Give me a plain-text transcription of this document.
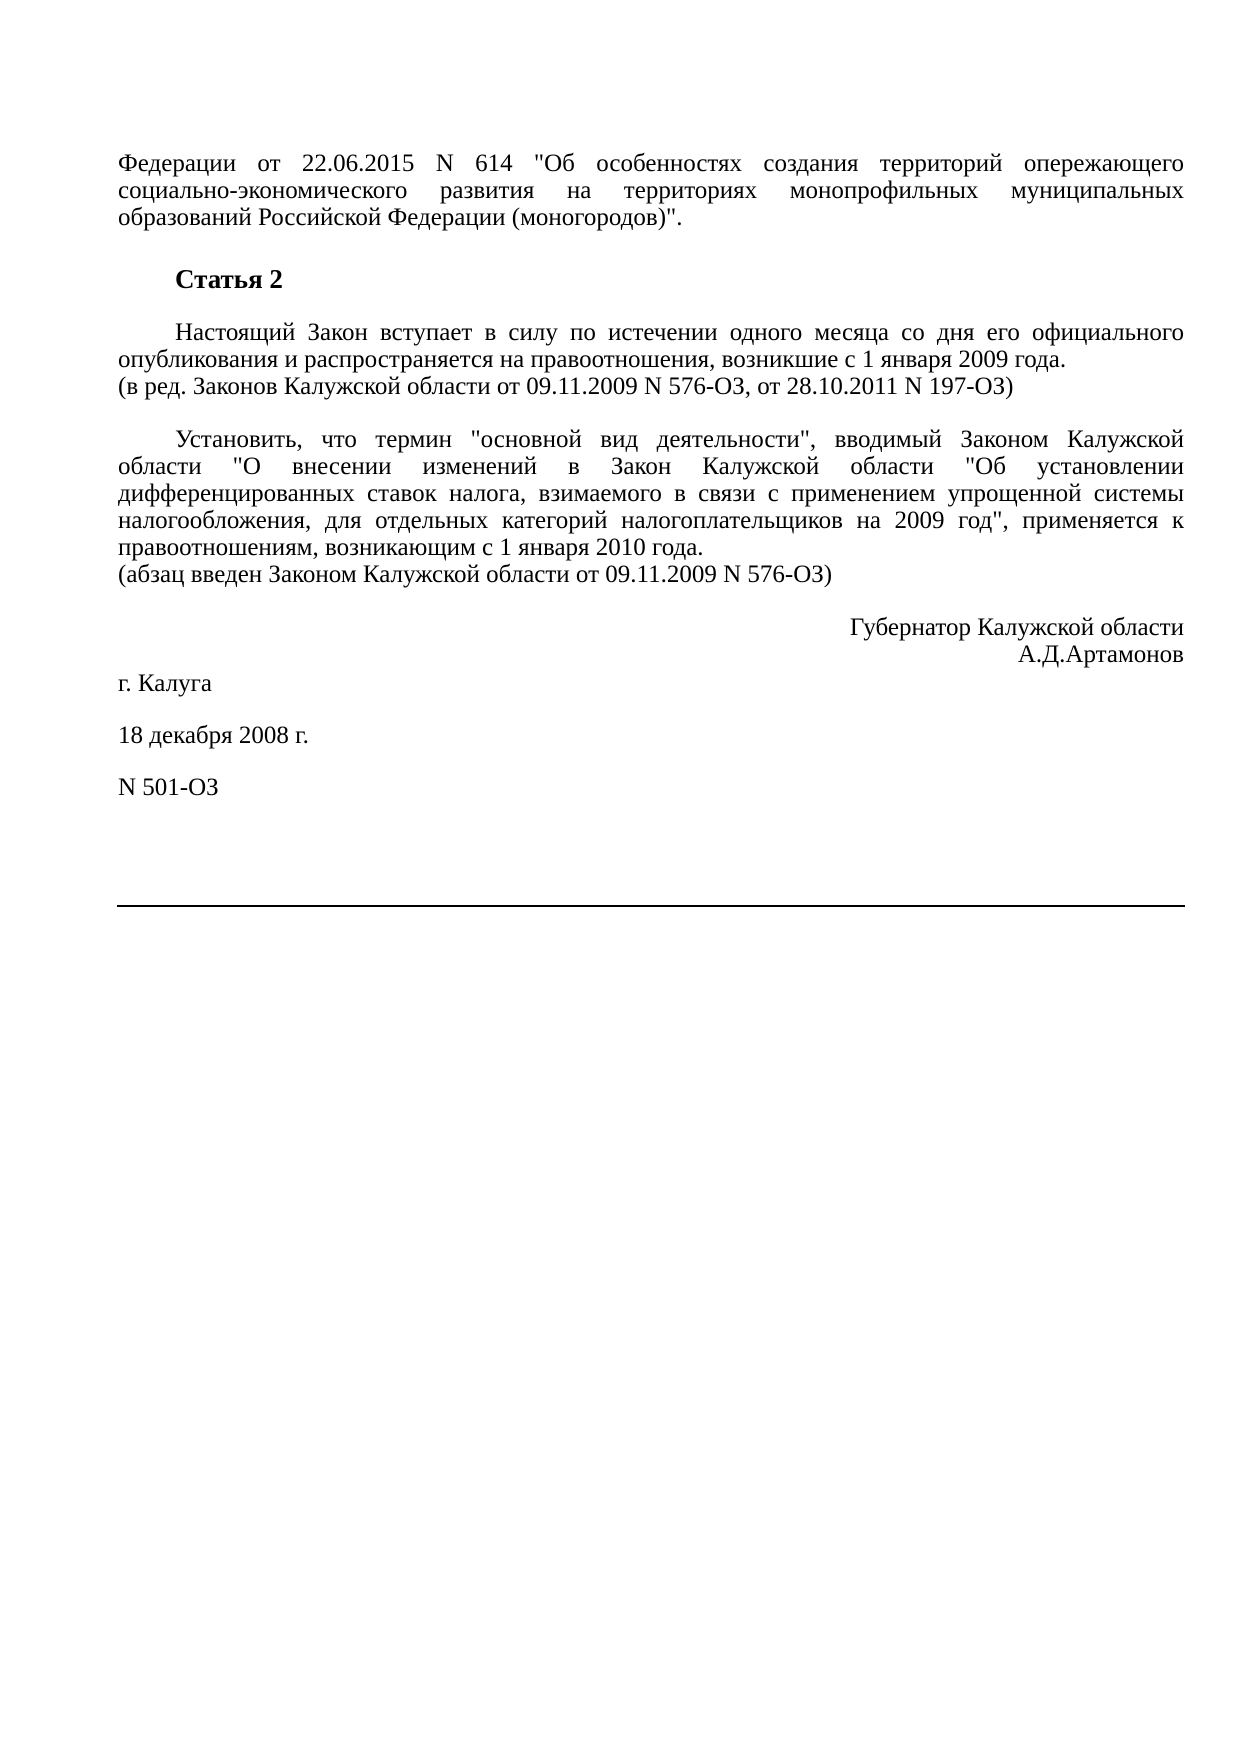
Федерации от 22.06.2015 N 614 "Об особенностях создания территорий опережающего
социально-экономического развития на территориях монопрофильных муниципальных
образований Российской Федерации (моногородов)".

Статья 2

Настоящий Закон вступает в силу по истечении одного месяца со дня его официального
опубликования и распространяется на правоотношения, возникшие с 1 января 2009 года.
(в ред. Законов Калужской области от 09.11.2009 N 576-ОЗ, от 28.10.2011 N 197-ОЗ)

Установить, что термин "основной вид деятельности", вводимый Законом Калужской
области "О внесении изменений в Закон Калужской области "Об установлении
дифференцированных ставок налога, взимаемого в связи с применением упрощенной системы
налогообложения, для отдельных категорий налогоплательщиков на 2009 год", применяется к
правоотношениям, возникающим с 1 января 2010 года.
(абзац введен Законом Калужской области от 09.11.2009 N 576-ОЗ)

Губернатор Калужской области
А.Д.Артамонов

г. Калуга

18 декабря 2008 г.

N 501-ОЗ
